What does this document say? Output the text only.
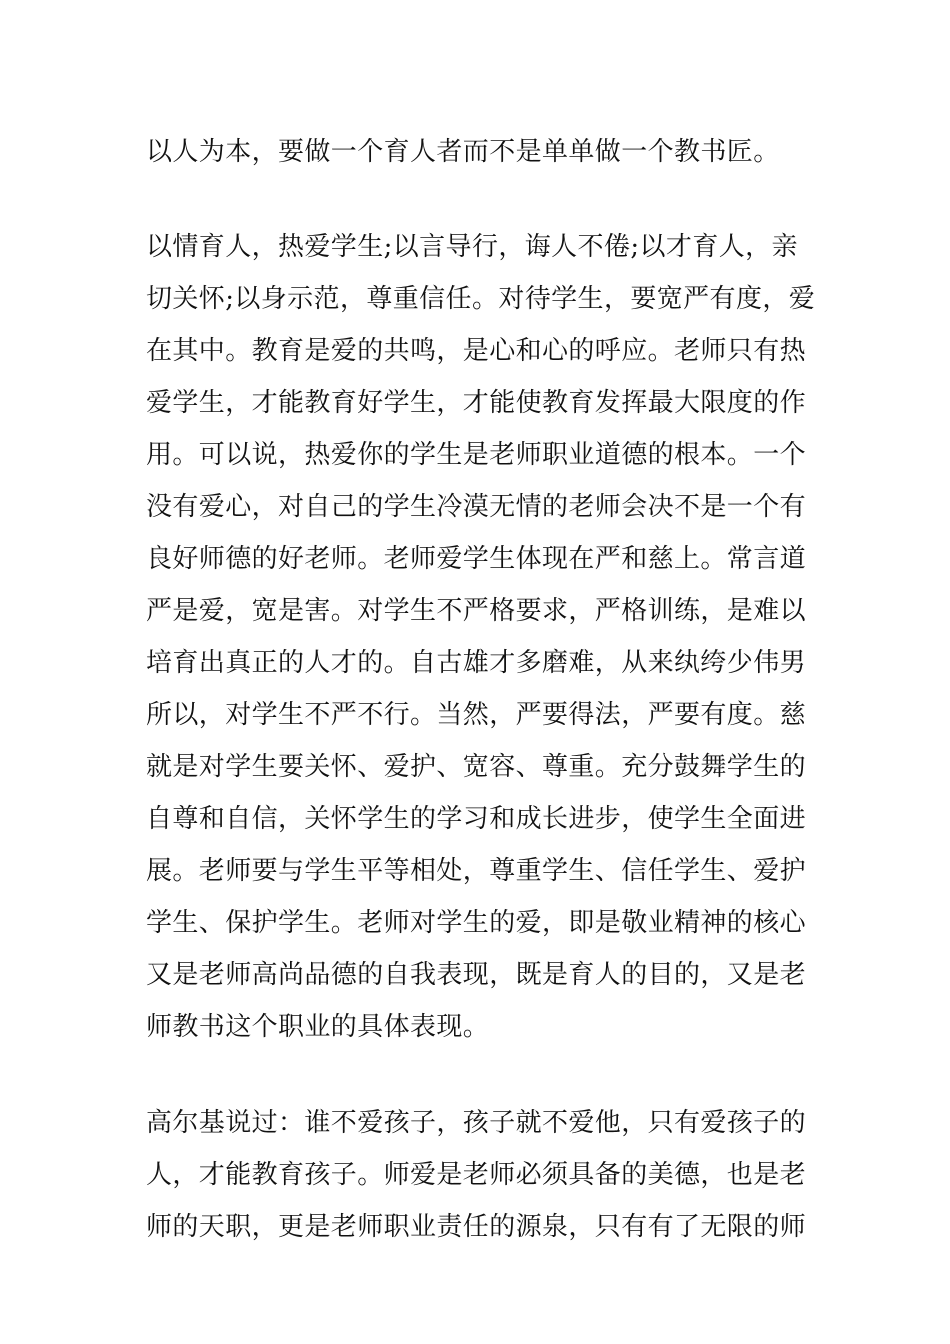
以人为本，要做一个育人者而不是单单做一个教书匠。
以情育人，热爱学生;以言导行，诲人不倦;以才育人，亲
切关怀;以身示范，尊重信任。对待学生，要宽严有度，爱
在其中。教育是爱的共鸣，是心和心的呼应。老师只有热
爱学生，才能教育好学生，才能使教育发挥最大限度的作
用。可以说，热爱你的学生是老师职业道德的根本。一个
没有爱心，对自己的学生冷漠无情的老师会决不是一个有
良好师德的好老师。老师爱学生体现在严和慈上。常言道
严是爱，宽是害。对学生不严格要求，严格训练，是难以
培育出真正的人才的。自古雄才多磨难，从来纨绔少伟男
所以，对学生不严不行。当然，严要得法，严要有度。慈
就是对学生要关怀、爱护、宽容、尊重。充分鼓舞学生的
自尊和自信，关怀学生的学习和成长进步，使学生全面进
展。老师要与学生平等相处，尊重学生、信任学生、爱护
学生、保护学生。老师对学生的爱，即是敬业精神的核心
又是老师高尚品德的自我表现，既是育人的目的，又是老
师教书这个职业的具体表现。
高尔基说过：谁不爱孩子，孩子就不爱他，只有爱孩子的
人，才能教育孩子。师爱是老师必须具备的美德，也是老
师的天职，更是老师职业责任的源泉，只有有了无限的师
